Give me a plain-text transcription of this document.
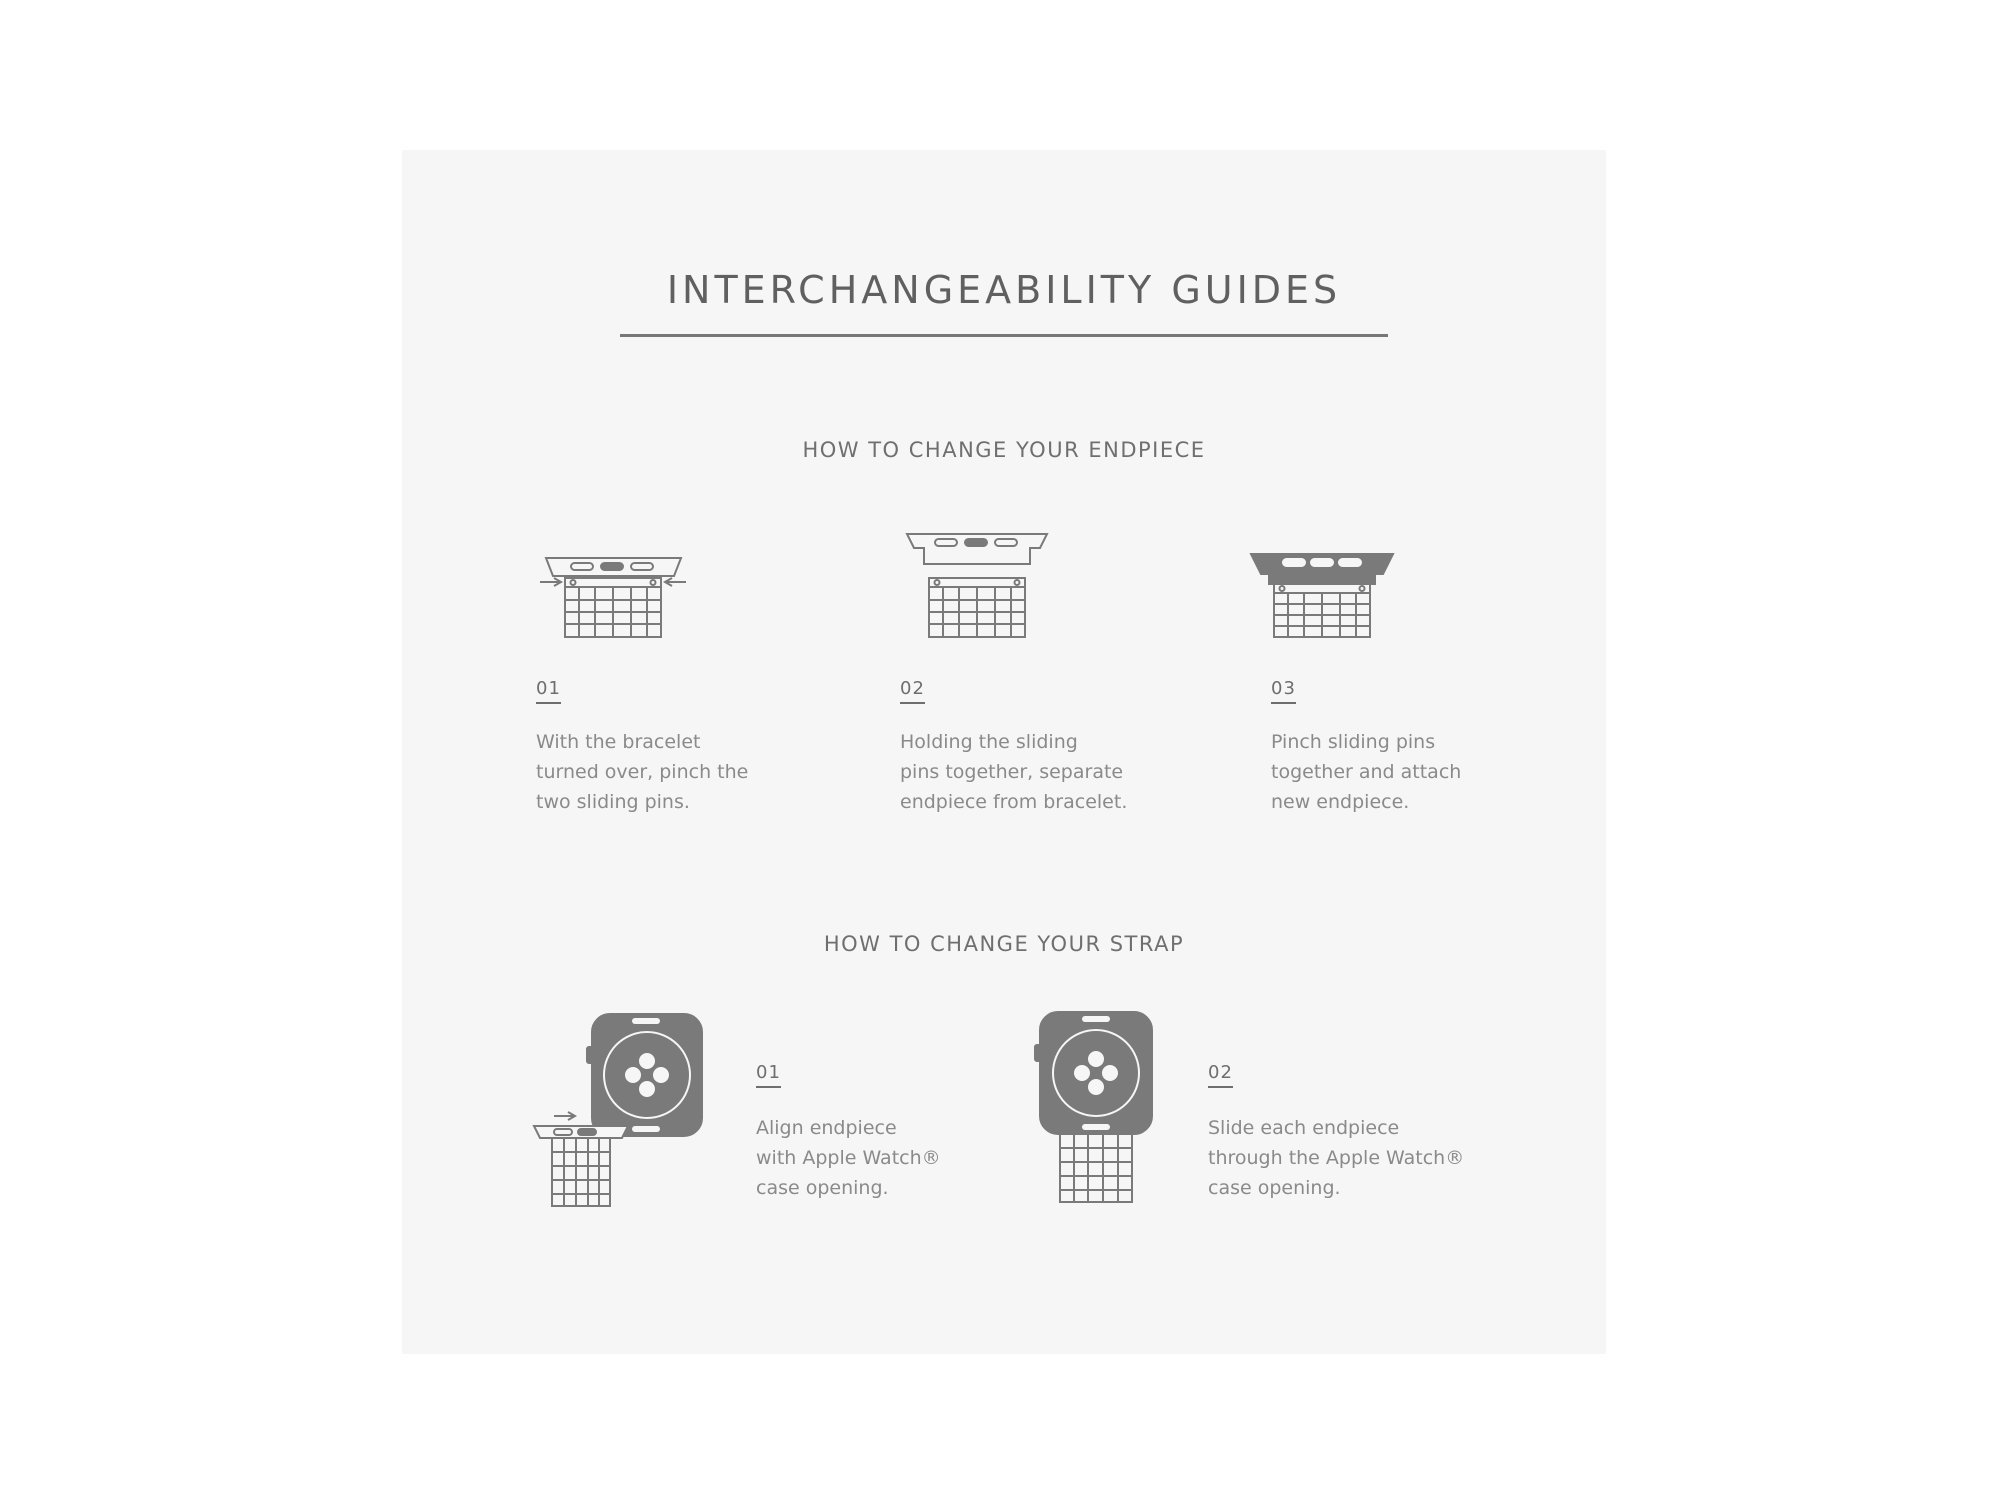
INTERCHANGEABILITY GUIDES
HOW TO CHANGE YOUR ENDPIECE
01
With the bracelet
turned over, pinch the
two sliding pins.
02
Holding the sliding
pins together, separate
endpiece from bracelet.
03
Pinch sliding pins
together and attach
new endpiece.
HOW TO CHANGE YOUR STRAP
01
Align endpiece
with Apple Watch®
case opening.
02
Slide each endpiece
through the Apple Watch®
case opening.
